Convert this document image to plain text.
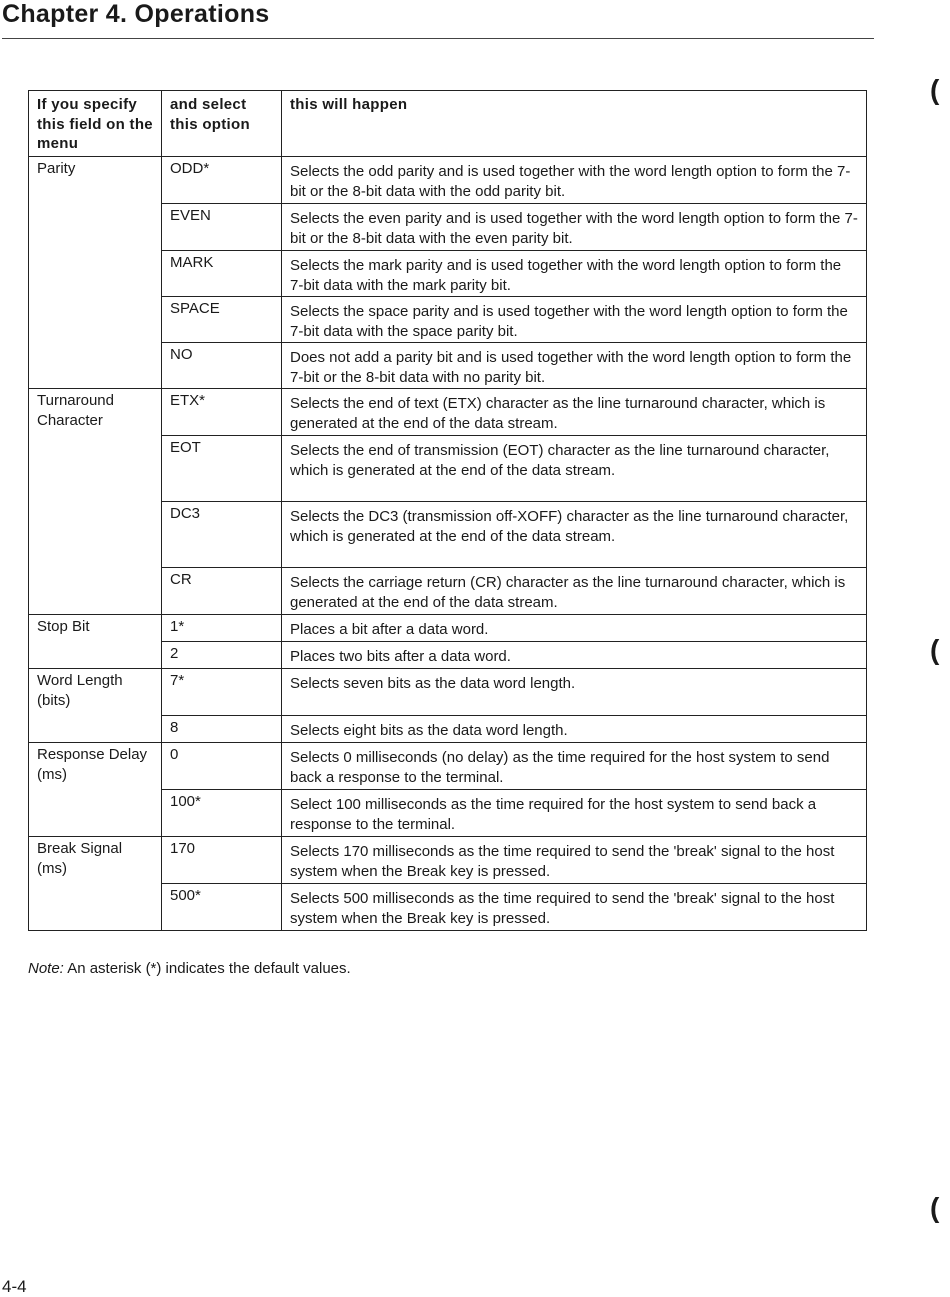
Chapter 4. Operations
If you specify this field on the menu	and select this option	this will happen
Parity	ODD*	Selects the odd parity and is used together with the word length option to form the 7-bit or the 8-bit data with the odd parity bit.
	EVEN	Selects the even parity and is used together with the word length option to form the 7-bit or the 8-bit data with the even parity bit.
	MARK	Selects the mark parity and is used together with the word length option to form the 7-bit data with the mark parity bit.
	SPACE	Selects the space parity and is used together with the word length option to form the 7-bit data with the space parity bit.
	NO	Does not add a parity bit and is used together with the word length option to form the 7-bit or the 8-bit data with no parity bit.
Turnaround Character	ETX*	Selects the end of text (ETX) character as the line turnaround character, which is generated at the end of the data stream.
	EOT	Selects the end of transmission (EOT) character as the line turnaround character, which is generated at the end of the data stream.
	DC3	Selects the DC3 (transmission off-XOFF) character as the line turnaround character, which is generated at the end of the data stream.
	CR	Selects the carriage return (CR) character as the line turnaround character, which is generated at the end of the data stream.
Stop Bit	1*	Places a bit after a data word.
	2	Places two bits after a data word.
Word Length (bits)	7*	Selects seven bits as the data word length.
	8	Selects eight bits as the data word length.
Response Delay (ms)	0	Selects 0 milliseconds (no delay) as the time required for the host system to send back a response to the terminal.
	100*	Select 100 milliseconds as the time required for the host system to send back a response to the terminal.
Break Signal (ms)	170	Selects 170 milliseconds as the time required to send the 'break' signal to the host system when the Break key is pressed.
	500*	Selects 500 milliseconds as the time required to send the 'break' signal to the host system when the Break key is pressed.
Note: An asterisk (*) indicates the default values.
4-4
(
(
(
